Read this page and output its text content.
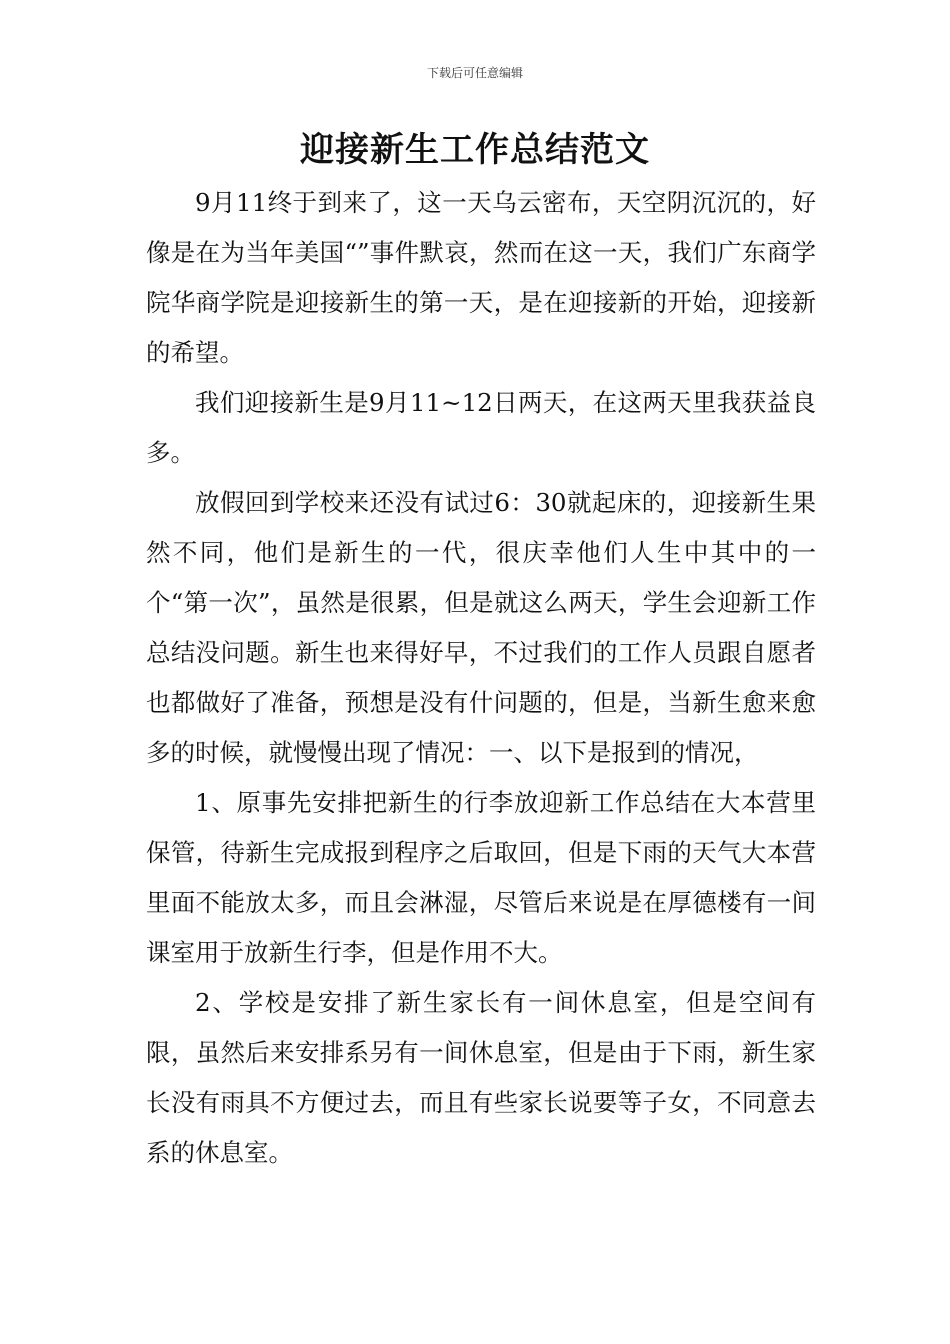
下载后可任意编辑
迎接新生工作总结范文

9月11终于到来了，这一天乌云密布，天空阴沉沉的，好像是在为当年美国“”事件默哀，然而在这一天，我们广东商学院华商学院是迎接新生的第一天，是在迎接新的开始，迎接新的希望。

我们迎接新生是9月11~12日两天，在这两天里我获益良多。

放假回到学校来还没有试过6：30就起床的，迎接新生果然不同，他们是新生的一代，很庆幸他们人生中其中的一个“第一次”，虽然是很累，但是就这么两天，学生会迎新工作总结没问题。新生也来得好早，不过我们的工作人员跟自愿者也都做好了准备，预想是没有什问题的，但是，当新生愈来愈多的时候，就慢慢出现了情况：一、以下是报到的情况，

1、原事先安排把新生的行李放迎新工作总结在大本营里保管，待新生完成报到程序之后取回，但是下雨的天气大本营里面不能放太多，而且会淋湿，尽管后来说是在厚德楼有一间课室用于放新生行李，但是作用不大。

2、学校是安排了新生家长有一间休息室，但是空间有限，虽然后来安排系另有一间休息室，但是由于下雨，新生家长没有雨具不方便过去，而且有些家长说要等子女，不同意去系的休息室。
